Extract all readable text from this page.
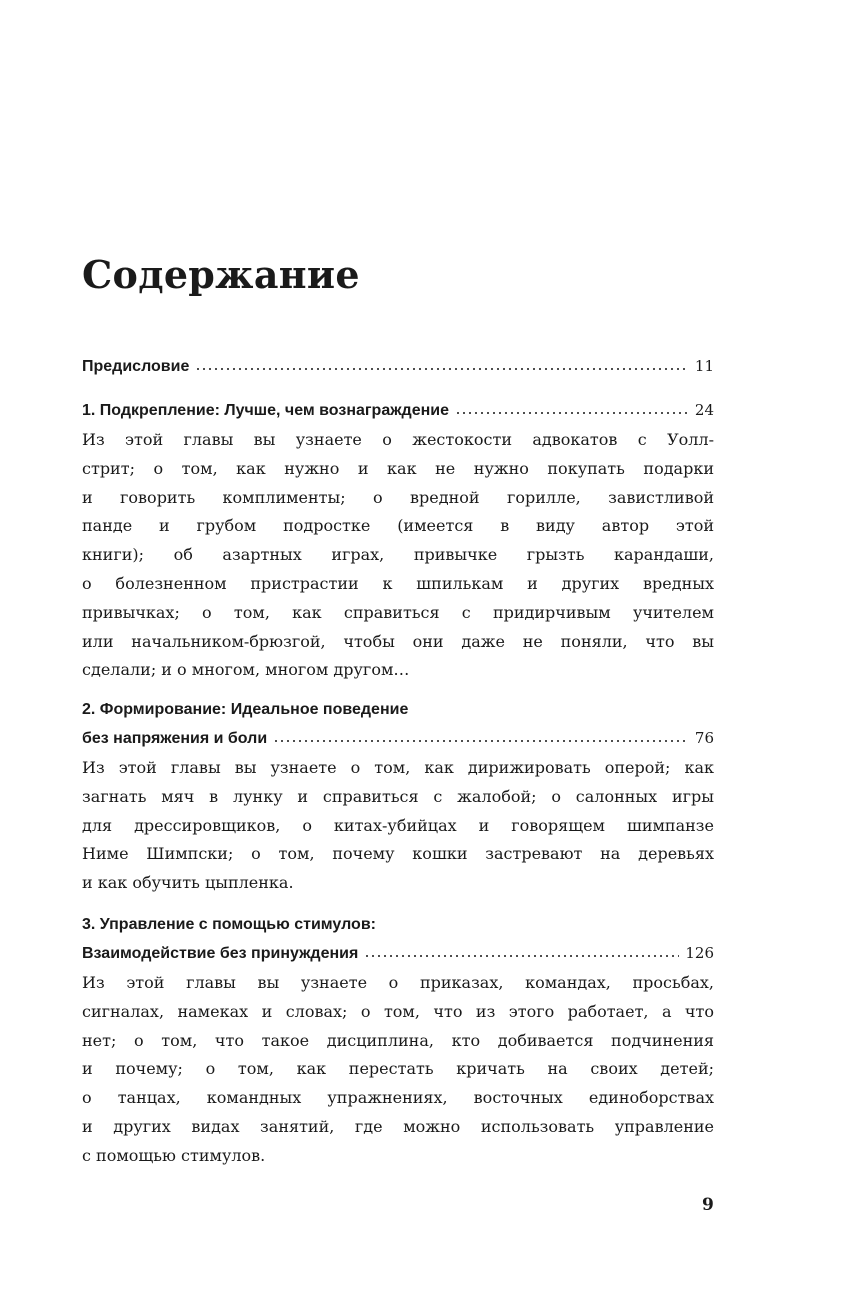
Содержание
Предисловие	11
1. Подкрепление: Лучше, чем вознаграждение	24
Из этой главы вы узнаете о жестокости адвокатов с Уолл-
стрит; о том, как нужно и как не нужно покупать подарки
и говорить комплименты; о вредной горилле, завистливой
панде и грубом подростке (имеется в виду автор этой
книги); об азартных играх, привычке грызть карандаши,
о болезненном пристрастии к шпилькам и других вредных
привычках; о том, как справиться с придирчивым учителем
или начальником-брюзгой, чтобы они даже не поняли, что вы
сделали; и о многом, многом другом…
2. Формирование: Идеальное поведение
без напряжения и боли	76
Из этой главы вы узнаете о том, как дирижировать оперой; как
загнать мяч в лунку и справиться с жалобой; о салонных игры
для дрессировщиков, о китах-убийцах и говорящем шимпанзе
Ниме Шимпски; о том, почему кошки застревают на деревьях
и как обучить цыпленка.
3. Управление с помощью стимулов:
Взаимодействие без принуждения	126
Из этой главы вы узнаете о приказах, командах, просьбах,
сигналах, намеках и словах; о том, что из этого работает, а что
нет; о том, что такое дисциплина, кто добивается подчинения
и почему; о том, как перестать кричать на своих детей;
о танцах, командных упражнениях, восточных единоборствах
и других видах занятий, где можно использовать управление
с помощью стимулов.
9
